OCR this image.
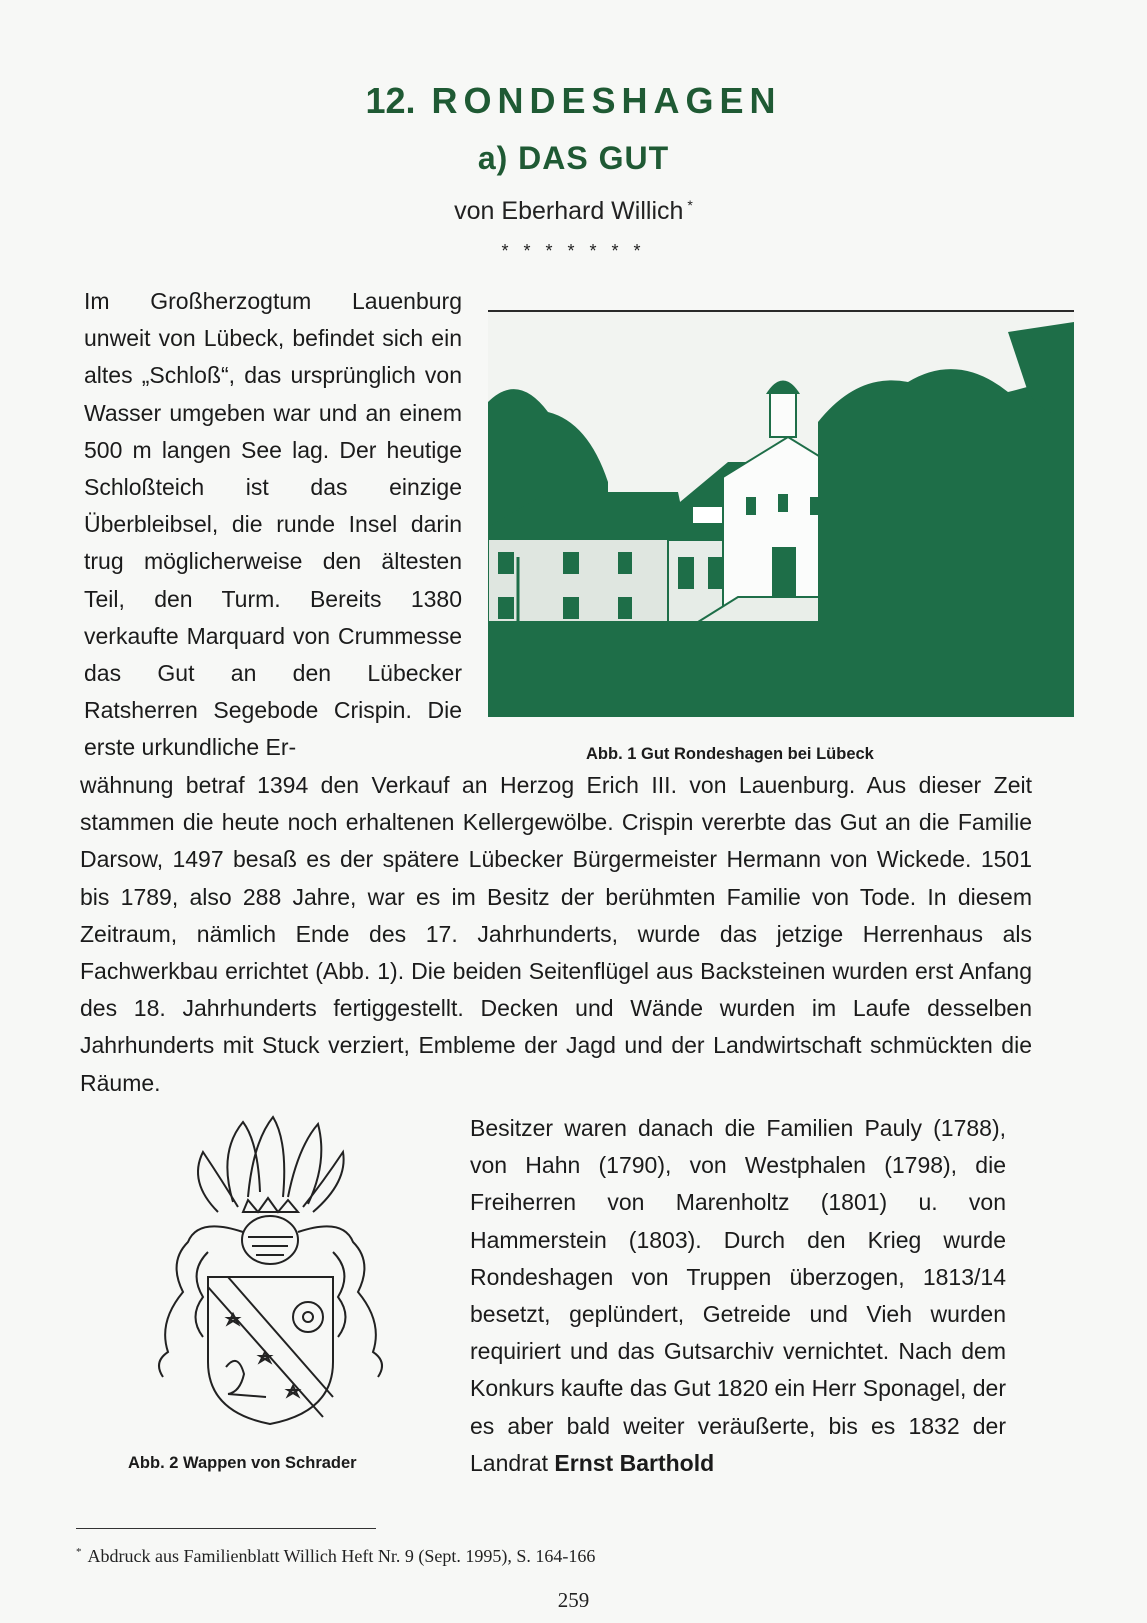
12. RONDESHAGEN
a) DAS GUT
von Eberhard Willich *
* * * * * * *

Im Großherzogtum Lauenburg unweit von Lübeck, befindet sich ein altes „Schloß“, das ursprünglich von Wasser umgeben war und an einem 500 m langen See lag. Der heutige Schloßteich ist das einzige Überbleibsel, die runde Insel darin trug möglicherweise den ältesten Teil, den Turm. Bereits 1380 verkaufte Marquard von Crummesse das Gut an den Lübecker Ratsherren Segebode Crispin. Die erste urkundliche Er-	Abb. 1 Gut Rondeshagen bei Lübeck

wähnung betraf 1394 den Verkauf an Herzog Erich III. von Lauenburg. Aus dieser Zeit stammen die heute noch erhaltenen Kellergewölbe. Crispin vererbte das Gut an die Familie Darsow, 1497 besaß es der spätere Lübecker Bürgermeister Hermann von Wickede. 1501 bis 1789, also 288 Jahre, war es im Besitz der berühmten Familie von Tode. In diesem Zeitraum, nämlich Ende des 17. Jahrhunderts, wurde das jetzige Herrenhaus als Fachwerkbau errichtet (Abb. 1). Die beiden Seitenflügel aus Backsteinen wurden erst Anfang des 18. Jahrhunderts fertiggestellt. Decken und Wände wurden im Laufe desselben Jahrhunderts mit Stuck verziert, Embleme der Jagd und der Landwirtschaft schmückten die Räume.

Abb. 2 Wappen von Schrader

Besitzer waren danach die Familien Pauly (1788), von Hahn (1790), von Westphalen (1798), die Freiherren von Marenholtz (1801) u. von Hammerstein (1803). Durch den Krieg wurde Rondeshagen von Truppen überzogen, 1813/14 besetzt, geplündert, Getreide und Vieh wurden requiriert und das Gutsarchiv vernichtet. Nach dem Konkurs kaufte das Gut 1820 ein Herr Sponagel, der es aber bald weiter veräußerte, bis es 1832 der Landrat Ernst Barthold

* Abdruck aus Familienblatt Willich Heft Nr. 9 (Sept. 1995), S. 164-166
259
